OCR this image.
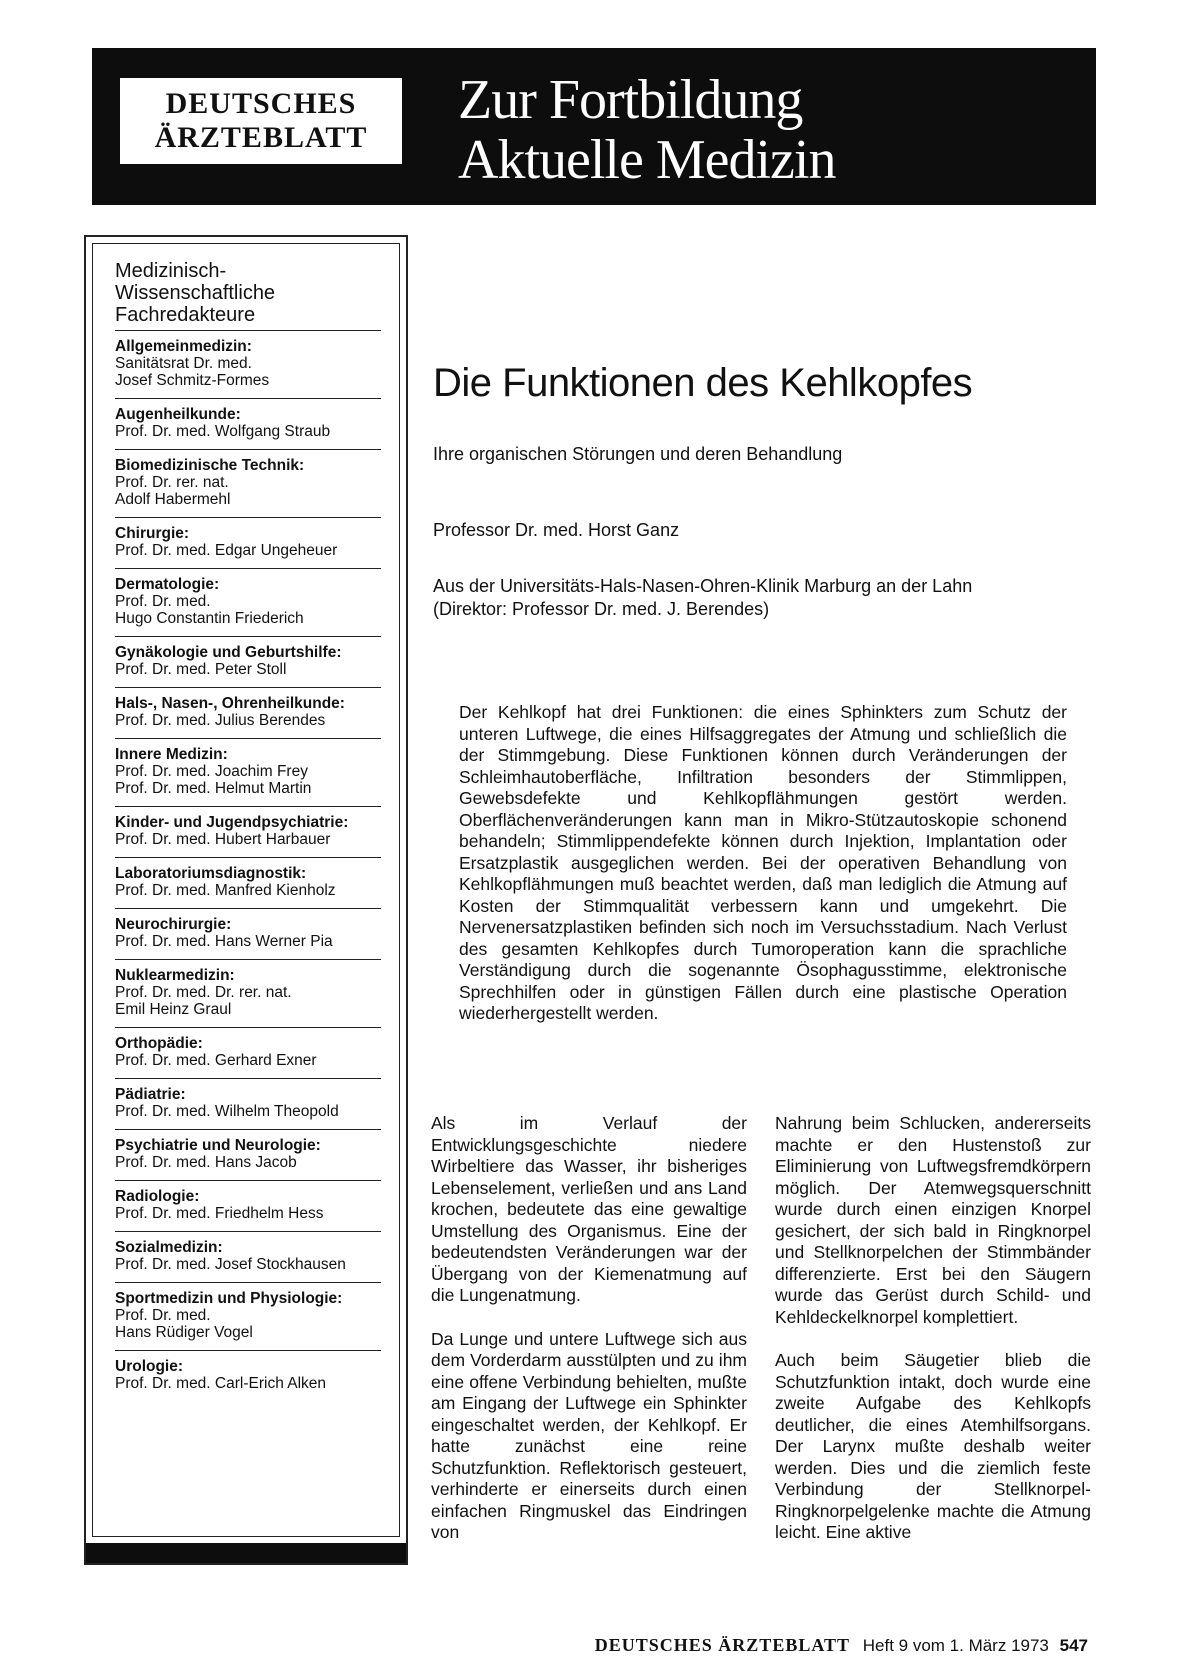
DEUTSCHES
ÄRZTEBLATT
Zur Fortbildung
Aktuelle Medizin
Medizinisch-
Wissenschaftliche
Fachredakteure
Allgemeinmedizin:
Sanitätsrat Dr. med.
Josef Schmitz-Formes
Augenheilkunde:
Prof. Dr. med. Wolfgang Straub
Biomedizinische Technik:
Prof. Dr. rer. nat.
Adolf Habermehl
Chirurgie:
Prof. Dr. med. Edgar Ungeheuer
Dermatologie:
Prof. Dr. med.
Hugo Constantin Friederich
Gynäkologie und Geburtshilfe:
Prof. Dr. med. Peter Stoll
Hals-, Nasen-, Ohrenheilkunde:
Prof. Dr. med. Julius Berendes
Innere Medizin:
Prof. Dr. med. Joachim Frey
Prof. Dr. med. Helmut Martin
Kinder- und Jugendpsychiatrie:
Prof. Dr. med. Hubert Harbauer
Laboratoriumsdiagnostik:
Prof. Dr. med. Manfred Kienholz
Neurochirurgie:
Prof. Dr. med. Hans Werner Pia
Nuklearmedizin:
Prof. Dr. med. Dr. rer. nat.
Emil Heinz Graul
Orthopädie:
Prof. Dr. med. Gerhard Exner
Pädiatrie:
Prof. Dr. med. Wilhelm Theopold
Psychiatrie und Neurologie:
Prof. Dr. med. Hans Jacob
Radiologie:
Prof. Dr. med. Friedhelm Hess
Sozialmedizin:
Prof. Dr. med. Josef Stockhausen
Sportmedizin und Physiologie:
Prof. Dr. med.
Hans Rüdiger Vogel
Urologie:
Prof. Dr. med. Carl-Erich Alken
Die Funktionen des Kehlkopfes
Ihre organischen Störungen und deren Behandlung
Professor Dr. med. Horst Ganz
Aus der Universitäts-Hals-Nasen-Ohren-Klinik Marburg an der Lahn
(Direktor: Professor Dr. med. J. Berendes)
Der Kehlkopf hat drei Funktionen: die eines Sphinkters zum Schutz der unteren Luftwege, die eines Hilfsaggregates der Atmung und schließlich die der Stimmgebung. Diese Funktionen können durch Veränderungen der Schleimhautoberfläche, Infiltration besonders der Stimmlippen, Gewebsdefekte und Kehlkopflähmungen gestört werden. Oberflächenveränderungen kann man in Mikro-Stützautoskopie schonend behandeln; Stimmlippendefekte können durch Injektion, Implantation oder Ersatzplastik ausgeglichen werden. Bei der operativen Behandlung von Kehlkopflähmungen muß beachtet werden, daß man lediglich die Atmung auf Kosten der Stimmqualität verbessern kann und umgekehrt. Die Nervenersatzplastiken befinden sich noch im Versuchsstadium. Nach Verlust des gesamten Kehlkopfes durch Tumoroperation kann die sprachliche Verständigung durch die sogenannte Ösophagusstimme, elektronische Sprechhilfen oder in günstigen Fällen durch eine plastische Operation wiederhergestellt werden.

Als im Verlauf der Entwicklungsgeschichte niedere Wirbeltiere das Wasser, ihr bisheriges Lebenselement, verließen und ans Land krochen, bedeutete das eine gewaltige Umstellung des Organismus. Eine der bedeutendsten Veränderungen war der Übergang von der Kiemenatmung auf die Lungenatmung.

Da Lunge und untere Luftwege sich aus dem Vorderdarm ausstülpten und zu ihm eine offene Verbindung behielten, mußte am Eingang der Luftwege ein Sphinkter eingeschaltet werden, der Kehlkopf. Er hatte zunächst eine reine Schutzfunktion. Reflektorisch gesteuert, verhinderte er einerseits durch einen einfachen Ringmuskel das Eindringen von

Nahrung beim Schlucken, andererseits machte er den Hustenstoß zur Eliminierung von Luftwegsfremdkörpern möglich. Der Atemwegsquerschnitt wurde durch einen einzigen Knorpel gesichert, der sich bald in Ringknorpel und Stellknorpelchen der Stimmbänder differenzierte. Erst bei den Säugern wurde das Gerüst durch Schild- und Kehldeckelknorpel komplettiert.

Auch beim Säugetier blieb die Schutzfunktion intakt, doch wurde eine zweite Aufgabe des Kehlkopfs deutlicher, die eines Atemhilfsorgans. Der Larynx mußte deshalb weiter werden. Dies und die ziemlich feste Verbindung der Stellknorpel-Ringknorpelgelenke machte die Atmung leicht. Eine aktive

DEUTSCHES ÄRZTEBLATT Heft 9 vom 1. März 1973 547
